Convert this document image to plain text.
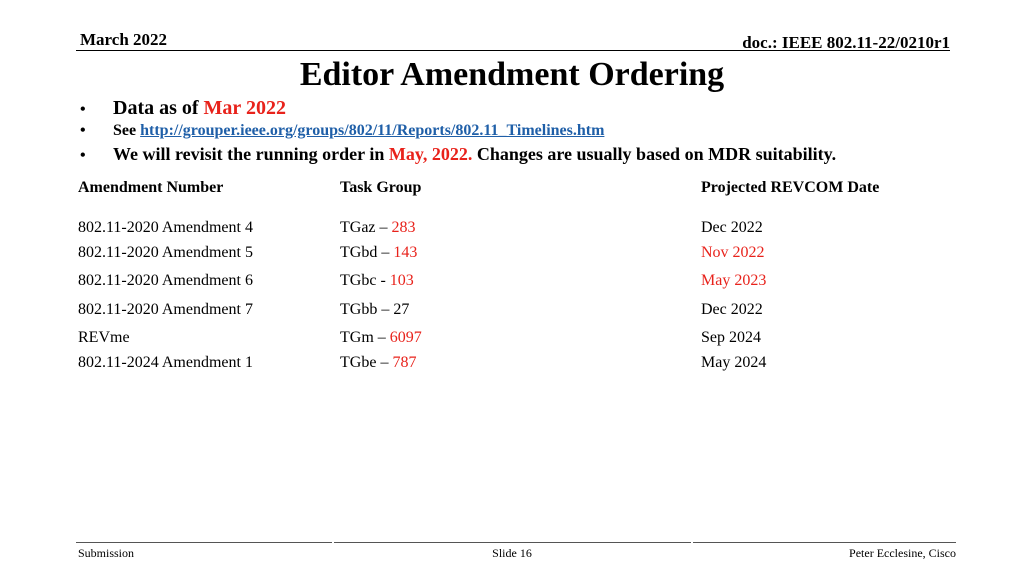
March 2022	doc.: IEEE 802.11-22/0210r1
Editor Amendment Ordering
•	Data as of Mar 2022
•	See http://grouper.ieee.org/groups/802/11/Reports/802.11_Timelines.htm
•	We will revisit the running order in May, 2022. Changes are usually based on MDR suitability.
Amendment Number	Task Group	Projected REVCOM Date
802.11-2020 Amendment 4	TGaz – 283	Dec 2022
802.11-2020 Amendment 5	TGbd – 143	Nov 2022
802.11-2020 Amendment 6	TGbc - 103	May 2023
802.11-2020 Amendment 7	TGbb – 27	Dec 2022
REVme	TGm – 6097	Sep 2024
802.11-2024 Amendment 1	TGbe – 787	May 2024
Submission	Slide 16	Peter Ecclesine, Cisco
